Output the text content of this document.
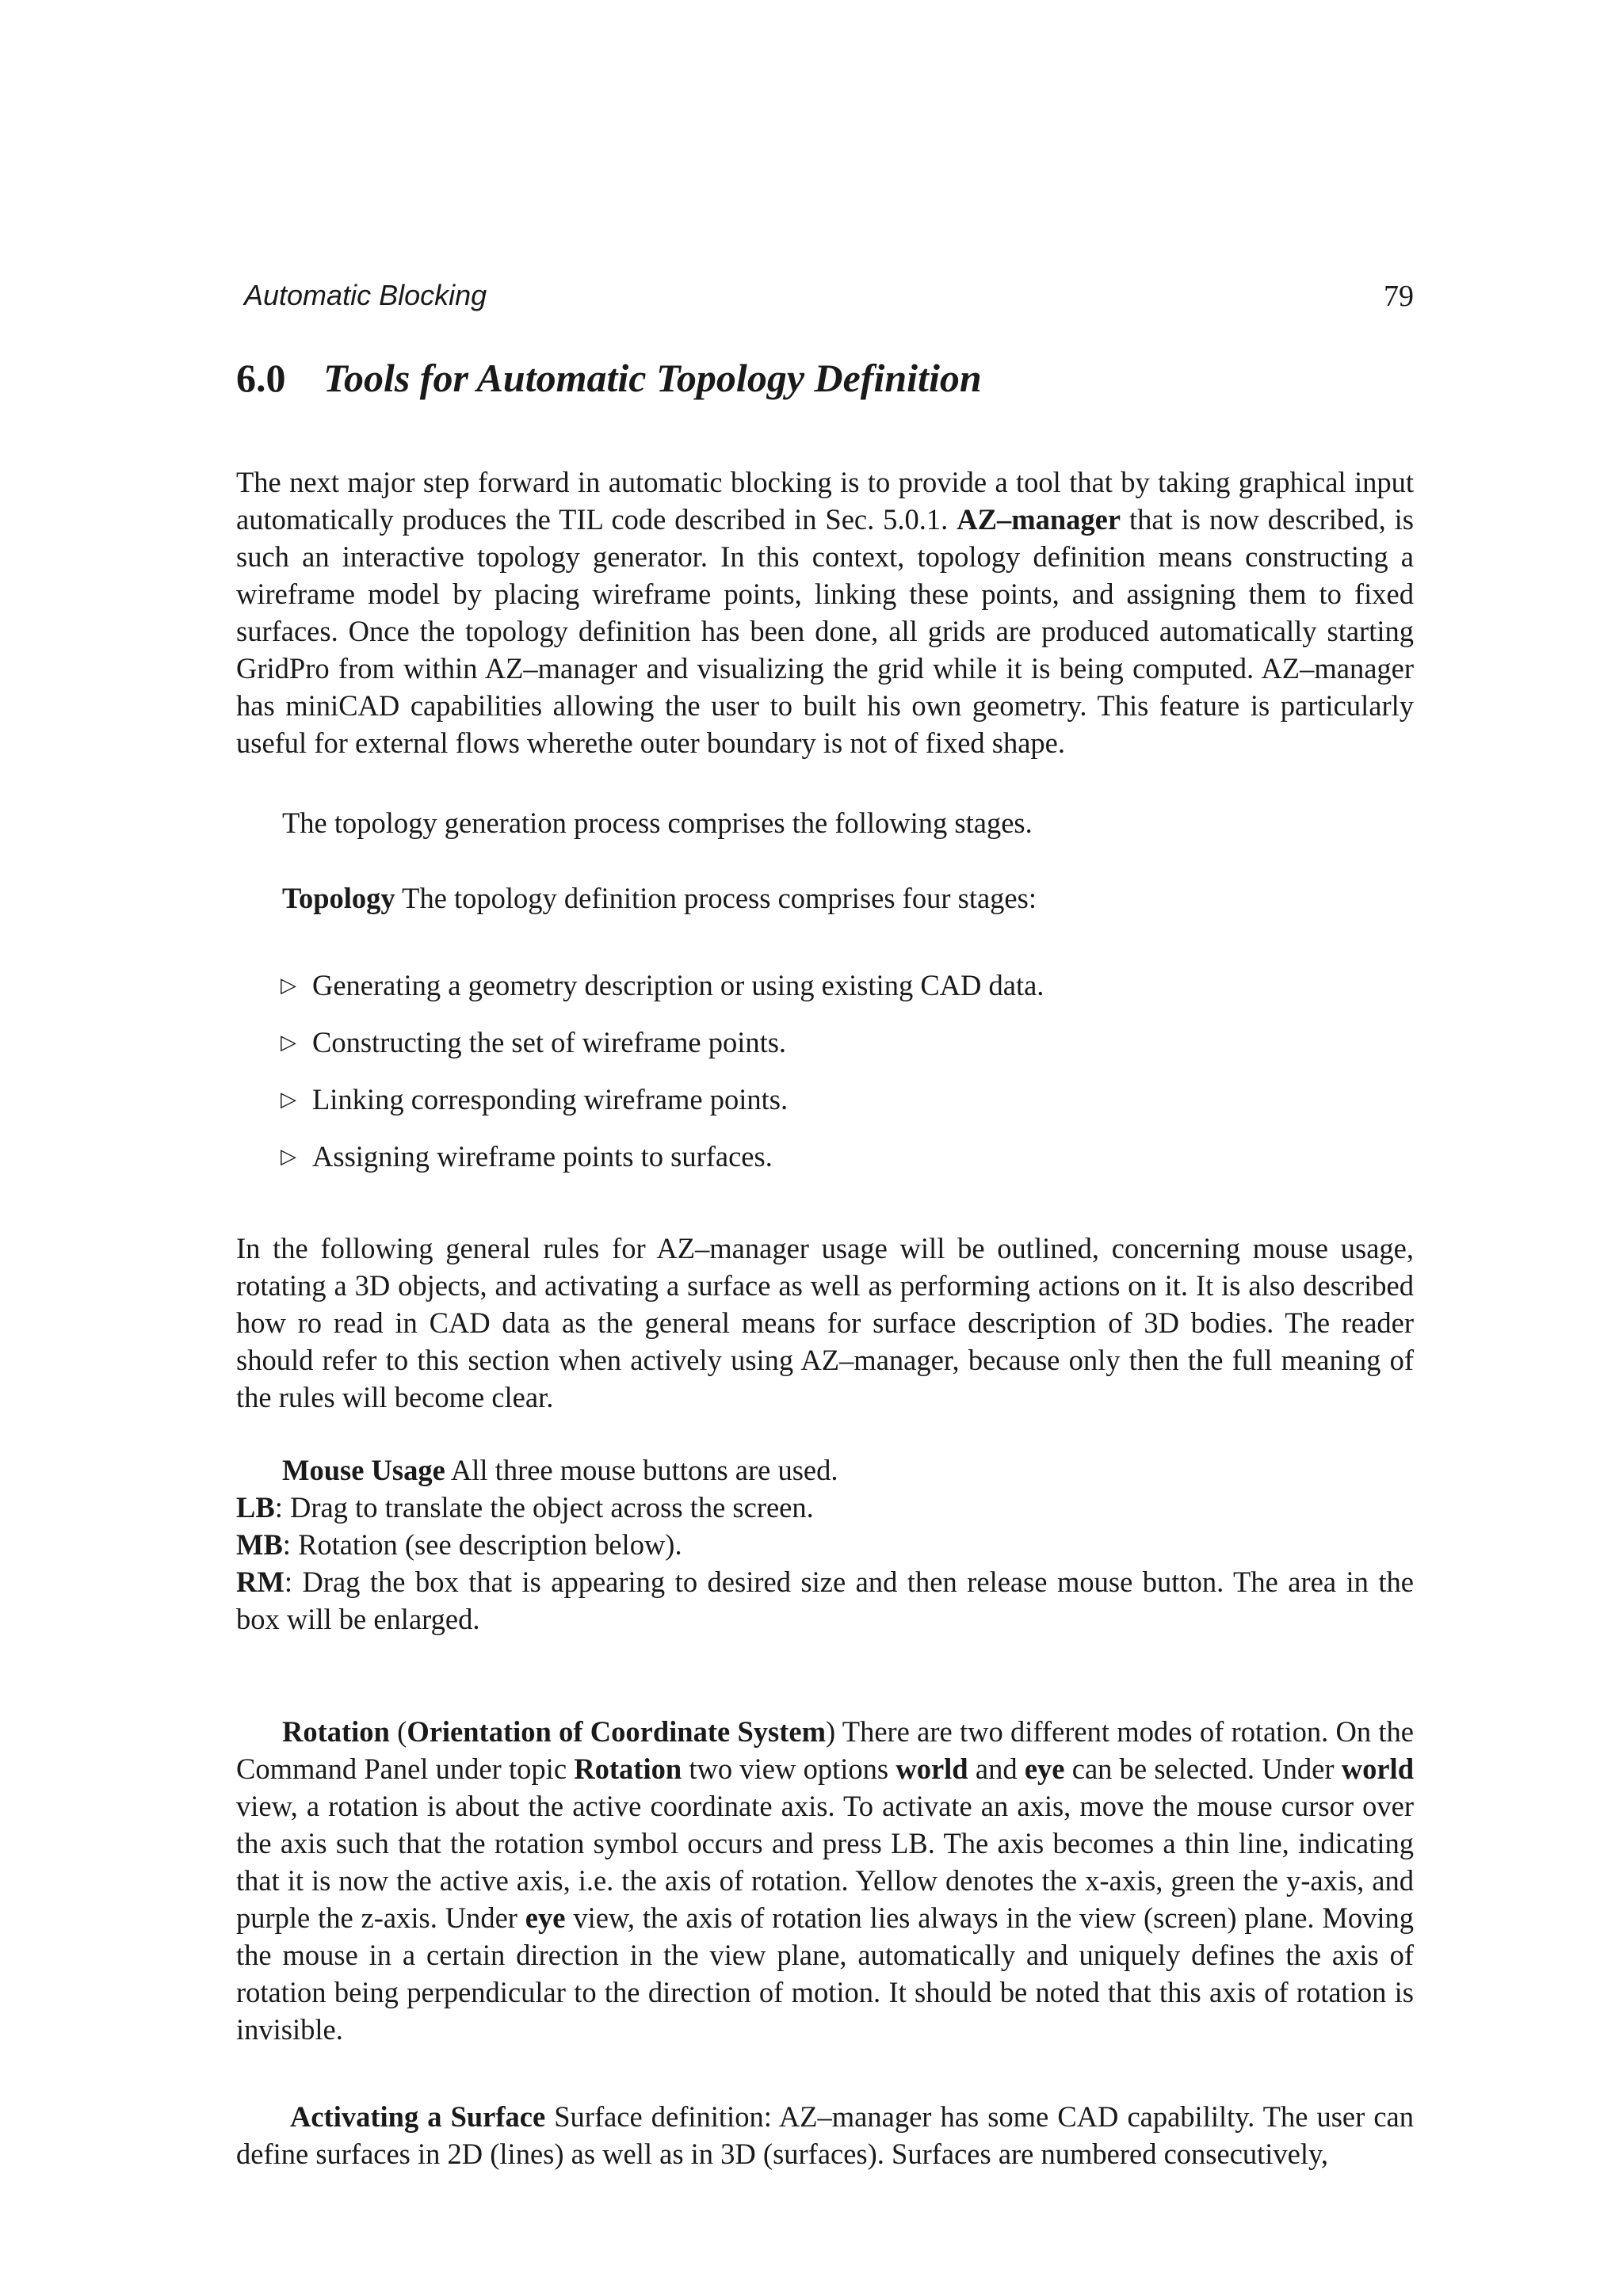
Automatic Blocking	79
6.0 Tools for Automatic Topology Definition

The next major step forward in automatic blocking is to provide a tool that by taking graphical input automatically produces the TIL code described in Sec. 5.0.1. AZ–manager that is now described, is such an interactive topology generator. In this context, topology definition means constructing a wireframe model by placing wireframe points, linking these points, and assigning them to fixed surfaces. Once the topology definition has been done, all grids are produced automatically starting GridPro from within AZ–manager and visualizing the grid while it is being computed. AZ–manager has miniCAD capabilities allowing the user to built his own geometry. This feature is particularly useful for external flows wherethe outer boundary is not of fixed shape.

The topology generation process comprises the following stages.

Topology The topology definition process comprises four stages:

▷ Generating a geometry description or using existing CAD data.
▷ Constructing the set of wireframe points.
▷ Linking corresponding wireframe points.
▷ Assigning wireframe points to surfaces.

In the following general rules for AZ–manager usage will be outlined, concerning mouse usage, rotating a 3D objects, and activating a surface as well as performing actions on it. It is also described how ro read in CAD data as the general means for surface description of 3D bodies. The reader should refer to this section when actively using AZ–manager, because only then the full meaning of the rules will become clear.

Mouse Usage All three mouse buttons are used.
LB: Drag to translate the object across the screen.
MB: Rotation (see description below).
RM: Drag the box that is appearing to desired size and then release mouse button. The area in the box will be enlarged.

Rotation (Orientation of Coordinate System) There are two different modes of rotation. On the Command Panel under topic Rotation two view options world and eye can be selected. Under world view, a rotation is about the active coordinate axis. To activate an axis, move the mouse cursor over the axis such that the rotation symbol occurs and press LB. The axis becomes a thin line, indicating that it is now the active axis, i.e. the axis of rotation. Yellow denotes the x-axis, green the y-axis, and purple the z-axis. Under eye view, the axis of rotation lies always in the view (screen) plane. Moving the mouse in a certain direction in the view plane, automatically and uniquely defines the axis of rotation being perpendicular to the direction of motion. It should be noted that this axis of rotation is invisible.

Activating a Surface Surface definition: AZ–manager has some CAD capabililty. The user can define surfaces in 2D (lines) as well as in 3D (surfaces). Surfaces are numbered consecutively,
